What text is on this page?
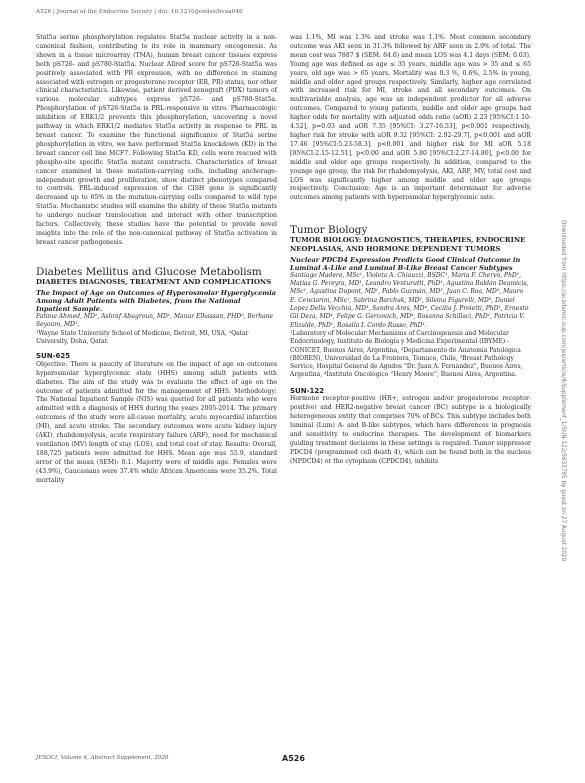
A526 | Journal of the Endocrine Society | doi: 10.1210/jendso/bvaa046

Stat5a serine phosphorylation regulates Stat5a nuclear activity in a non-canonical fashion, contributing to its role in mammary oncogenesis. As shown in a tissue microarray (TMA), human breast cancer tissues express both pS726- and pS780-Stat5a. Nuclear Allred score for pS726-Stat5a was positively associated with PR expression, with no difference in staining associated with estrogen or progesterone receptor (ER, PR) status, nor other clinical characteristics. Likewise, patient derived xenograft (PDX) tumors of various molecular subtypes express pS726- and pS780-Stat5a. Phosphorylation of pS726-Stat5a is PRL-responsive in vitro. Pharmacologic inhibition of ERK1/2 prevents this phosphorylation, uncovering a novel pathway in which ERK1/2 mediates Stat5a activity in response to PRL in breast cancer. To examine the functional significance of Stat5a serine phosphorylation in vitro, we have performed Stat5a knockdown (KD) in the breast cancer cell line MCF7. Following Stat5a KD, cells were rescued with phospho-site specific Stat5a mutant constructs. Characteristics of breast cancer examined in these mutation-carrying cells, including anchorage-independent growth and proliferation, show distinct phenotypes compared to controls. PRL-induced expression of the CISH gene is significantly decreased up to 65% in the mutation-carrying cells compared to wild type Stat5a. Mechanistic studies will examine the ability of these Stat5a mutants to undergo nuclear translocation and interact with other transcription factors. Collectively, these studies have the potential to provide novel insights into the role of the non-canonical pathway of Stat5a activation in breast cancer pathogenesis.

Diabetes Mellitus and Glucose Metabolism
DIABETES DIAGNOSIS, TREATMENT AND COMPLICATIONS

The Impact of Age on Outcomes of Hyperosmolar Hyperglycemia Among Adult Patients with Diabetes, from the National Inpatient Sample.

Fatima Ahmed, MD¹, Ashraf Abugroun, MD¹, Manar Elhassan, PHD², Berhane Seyoum, MD¹.

¹Wayne State University School of Medicine, Detroit, MI, USA, ²Qatar University, Doha, Qatar.

SUN-625

Objective: There is paucity of literature on the impact of age on outcomes hyperosmolar hyperglycemic state (HHS) among adult patients with diabetes. The aim of the study was to evaluate the effect of age on the outcome of patients admitted for the management of HHS. Methodology: The National Inpatient Sample (NIS) was queried for all patients who were admitted with a diagnosis of HHS during the years 2005-2014. The primary outcomes of the study were all-cause mortality, acute myocardial infarction (MI), and acute stroke. The secondary outcomes were acute kidney injury (AKI), rhabdomyolysis, acute respiratory failure (ARF), need for mechanical ventilation (MV) length of stay (LOS), and total cost of stay. Results: Overall, 188,725 patients were admitted for HHS. Mean age was 55.9, standard error of the mean (SEM): 0.1. Majority were of middle age. Females were (43.9%), Caucasians were 37.4% while African Americans were 35.2%. Total mortality

was 1.1%, MI was 1.3% and stroke was 1.1%. Most common secondary outcome was AKI seen in 31.3% followed by ARF seen in 2.9% of total. The mean cost was 7887 $ (SEM: 84.6) and mean LOS was 4.1 days (SEM: 0.03). Young age was defined as age ≤ 35 years, middle age was > 35 and ≤ 65 years, old age was > 65 years. Mortality was 0.3 %, 0.6%, 2.5% in young, middle and older aged groups respectively. Similarly, higher age correlated with increased risk for MI, stroke and all secondary outcomes. On multivariable analysis, age was an independent predictor for all adverse outcomes. Compared to young patients, middle and older age groups had higher odds for mortality with adjusted odds ratio (aOR) 2.23 [95%CI:1.10-4.52], p=0.03 and aOR 7.35 [95%CI: 3.27-16.53], p<0.001 respectively, higher risk for stroke with aOR 9.32 [95%CI: 2.92-29.7], p<0.001 and aOR 17.46 [95%CI:5.23-58.3], p<0.001 and higher risk for MI aOR 5.18 [95%CI:2.15-12.51], p<0.00 and aOR 5.80 [95%CI:2.27-14.80], p<0.00 for middle and older age groups respectively. In addition, compared to the younge age group, the risk for rhabdomyolysis, AKI, ARF, MV, total cost and LOS was significantly higher among middle and older age groups respectively. Conclusion: Age is an important determinant for adverse outcomes among patients with hyperosmolar hyperglycemic sate.

Tumor Biology
TUMOR BIOLOGY: DIAGNOSTICS, THERAPIES, ENDOCRINE NEOPLASIAS, AND HORMONE DEPENDENT TUMORS

Nuclear PDCD4 Expression Predicts Good Clinical Outcome in Luminal A-Like and Luminal B-Like Breast Cancer Subtypes

Santiago Madera, MSc¹, Violeta A. Chiauzzi, BSDC¹, Maria F. Chervo, PhD¹, Matías G. Pereyra, MD¹, Leandro Venturutti, PhD¹, Agustina Roldán Deamicis, MSc¹, Agustina Dupont, MD¹, Pablo Guzmán, MD², Juan C. Roa, MD², Mauro E. Cenciarini, MSc¹, Sabrina Barchuk, MD³, Silvina Figurelli, MD³, Daniel Lopez Della Vecchia, MD³, Sandra Ares, MD⁴, Cecilia J. Proietti, PhD¹, Ernesto Gil Deza, MD⁴, Felipe G. Gercovich, MD⁴, Rosanna Schillaci, PhD¹, Patricia V. Elizalde, PhD¹, Rosalía I. Cordo Russo, PhD¹.

¹Laboratory of Molecular Mechanisms of Carcinogenesis and Molecular Endocrinology, Instituto de Biología y Medicina Experimental (IBYME) - CONICET, Buenos Aires, Argentina, ²Departamento de Anatomía Patológica (BIOREN), Universidad de La Frontera, Temuco, Chile, ³Breast Pathology Service, Hospital General de Agudos “Dr. Juan A. Fernández”, Buenos Aires, Argentina, ⁴Instituto Oncológico “Henry Moore”, Buenos Aires, Argentina.

SUN-122

Hormone receptor-positive (HR+, estrogen and/or progesterone receptor-positive) and HER2-negative breast cancer (BC) subtype is a biologically heterogeneous entity that comprises 70% of BCs. This subtype includes both luminal (Lum) A- and B-like subtypes, which have differences in prognosis and sensitivity to endocrine therapies. The development of biomarkers guiding treatment decisions in these settings is required. Tumor suppressor PDCD4 (programmed cell death 4), which can be found both in the nucleus (NPDCD4) or the cytoplasm (CPDCD4), inhibits	Downloaded from https://academic.oup.com/jes/article/4/Supplement_1/SUN-122/5833795 by guest on 27 August 2020
JESOCI, Volume 4, Abstract Supplement, 2020	A526
